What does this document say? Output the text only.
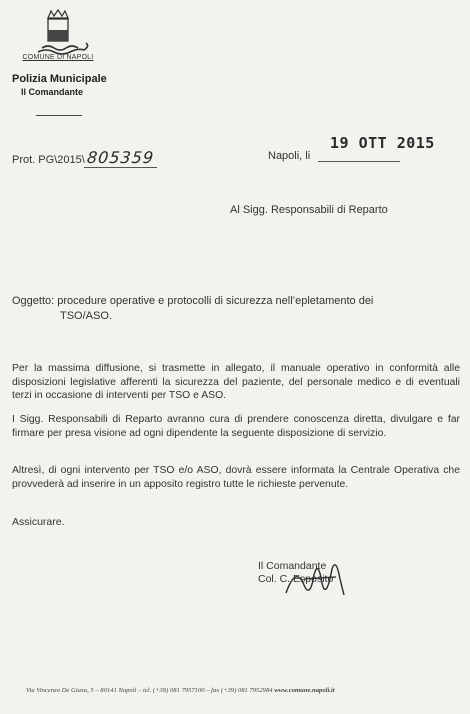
COMUNE DI NAPOLI
Polizia Municipale
Il Comandante
Prot. PG\2015\805359	Napoli, li
19 OTT 2015
Al Sigg. Responsabili di Reparto
Oggetto: procedure operative e protocolli di sicurezza nell’epletamento dei
TSO/ASO.
Per la massima diffusione, si trasmette in allegato, il manuale operativo in conformità alle disposizioni legislative afferenti la sicurezza del paziente, del personale medico e di eventuali terzi in occasione di interventi per TSO e ASO.
I Sigg. Responsabili di Reparto avranno cura di prendere conoscenza diretta, divulgare e far firmare per presa visione ad ogni dipendente la seguente disposizione di servizio.
Altresì, di ogni intervento per TSO e/o ASO, dovrà essere informata la Centrale Operativa che provvederà ad inserire in un apposito registro tutte le richieste pervenute.
Assicurare.
Il Comandante
Col. C. Esposito
Via Vincenzo De Giaxa, 5 – 80141 Napoli – tel. (+39) 081 7957100 – fax (+39) 081 7952984 www.comune.napoli.it
